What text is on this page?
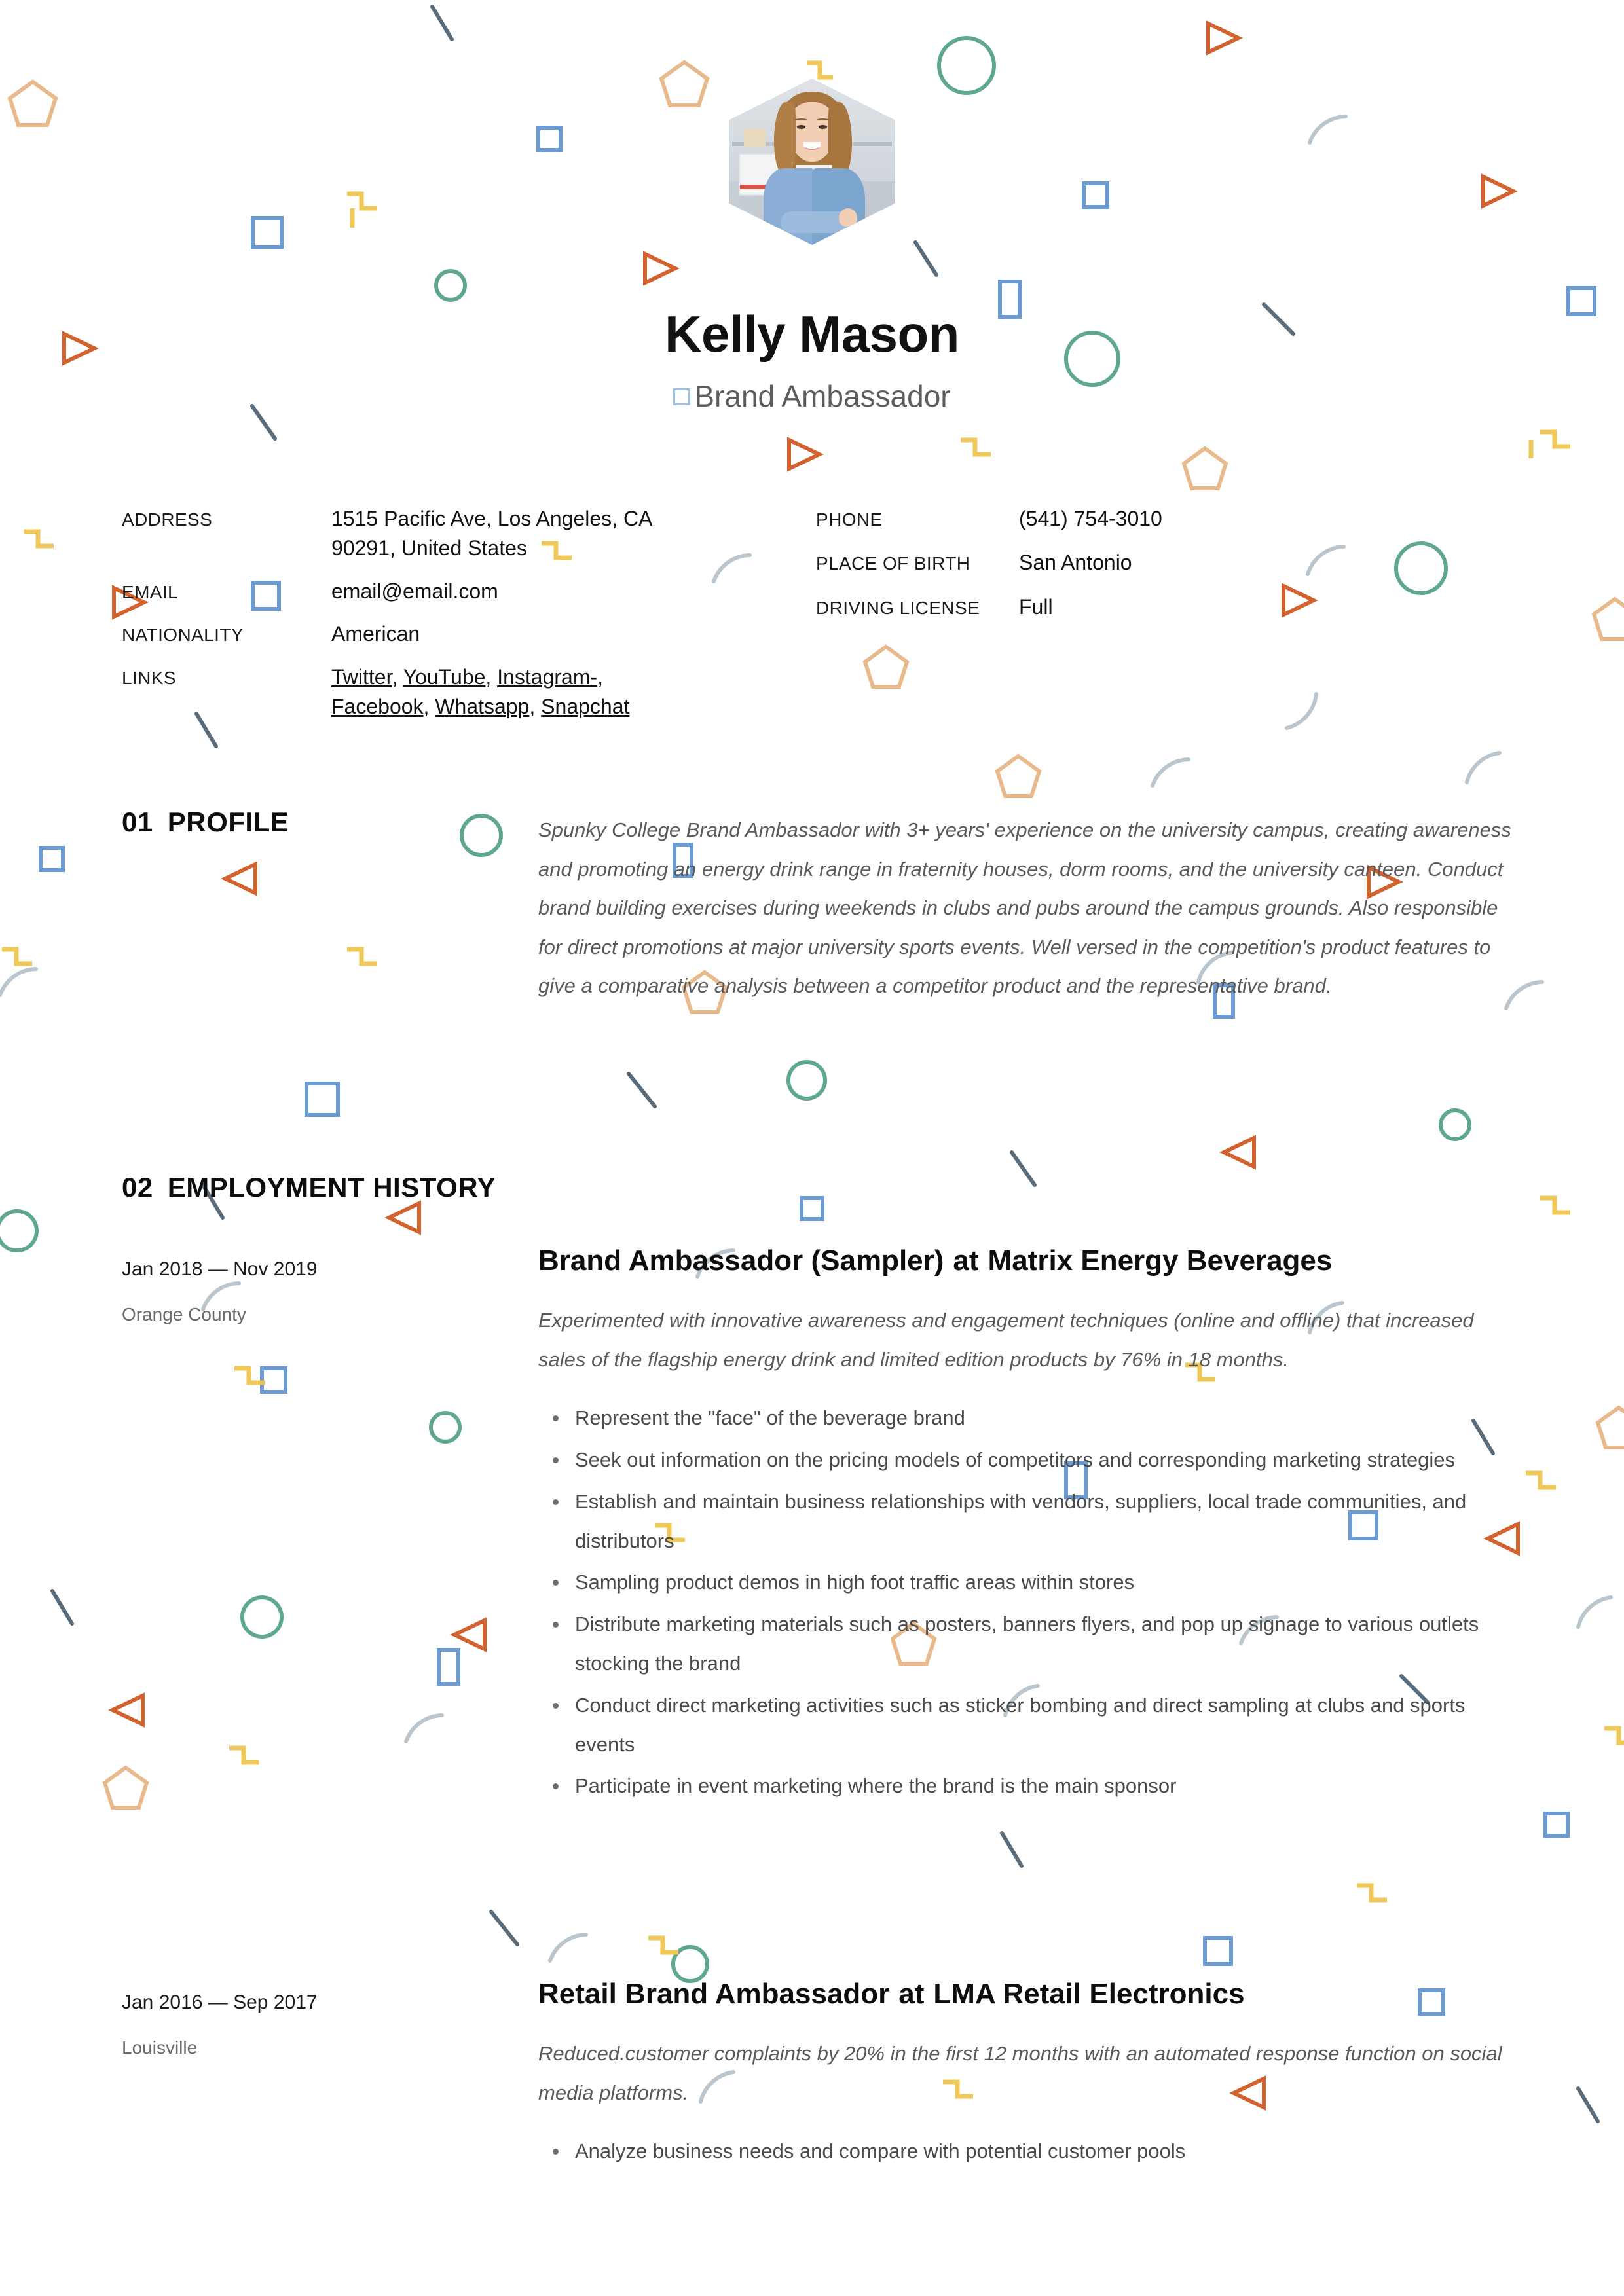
Kelly Mason
Brand Ambassador
ADDRESS	1515 Pacific Ave, Los Angeles, CA 90291, United States
EMAIL	email@email.com
NATIONALITY	American
LINKS	Twitter, YouTube, Instagram-, Facebook, Whatsapp, Snapchat
PHONE	(541) 754-3010
PLACE OF BIRTH	San Antonio
DRIVING LICENSE	Full
01 PROFILE	Spunky College Brand Ambassador with 3+ years' experience on the university campus, creating awareness and promoting an energy drink range in fraternity houses, dorm rooms, and the university canteen. Conduct brand building exercises during weekends in clubs and pubs around the campus grounds. Also responsible for direct promotions at major university sports events. Well versed in the competition's product features to give a comparative analysis between a competitor product and the representative brand.

02 EMPLOYMENT HISTORY
Jan 2018 — Nov 2019
Orange County
Brand Ambassador (Sampler) at Matrix Energy Beverages

Experimented with innovative awareness and engagement techniques (online and offline) that increased sales of the flagship energy drink and limited edition products by 76% in 18 months.

Represent the "face" of the beverage brand
Seek out information on the pricing models of competitors and corresponding marketing strategies
Establish and maintain business relationships with vendors, suppliers, local trade communities, and distributors
Sampling product demos in high foot traffic areas within stores
Distribute marketing materials such as posters, banners flyers, and pop up signage to various outlets stocking the brand
Conduct direct marketing activities such as sticker bombing and direct sampling at clubs and sports events
Participate in event marketing where the brand is the main sponsor
Jan 2016 — Sep 2017
Louisville
Retail Brand Ambassador at LMA Retail Electronics

Reduced.customer complaints by 20% in the first 12 months with an automated response function on social media platforms.

Analyze business needs and compare with potential customer pools
